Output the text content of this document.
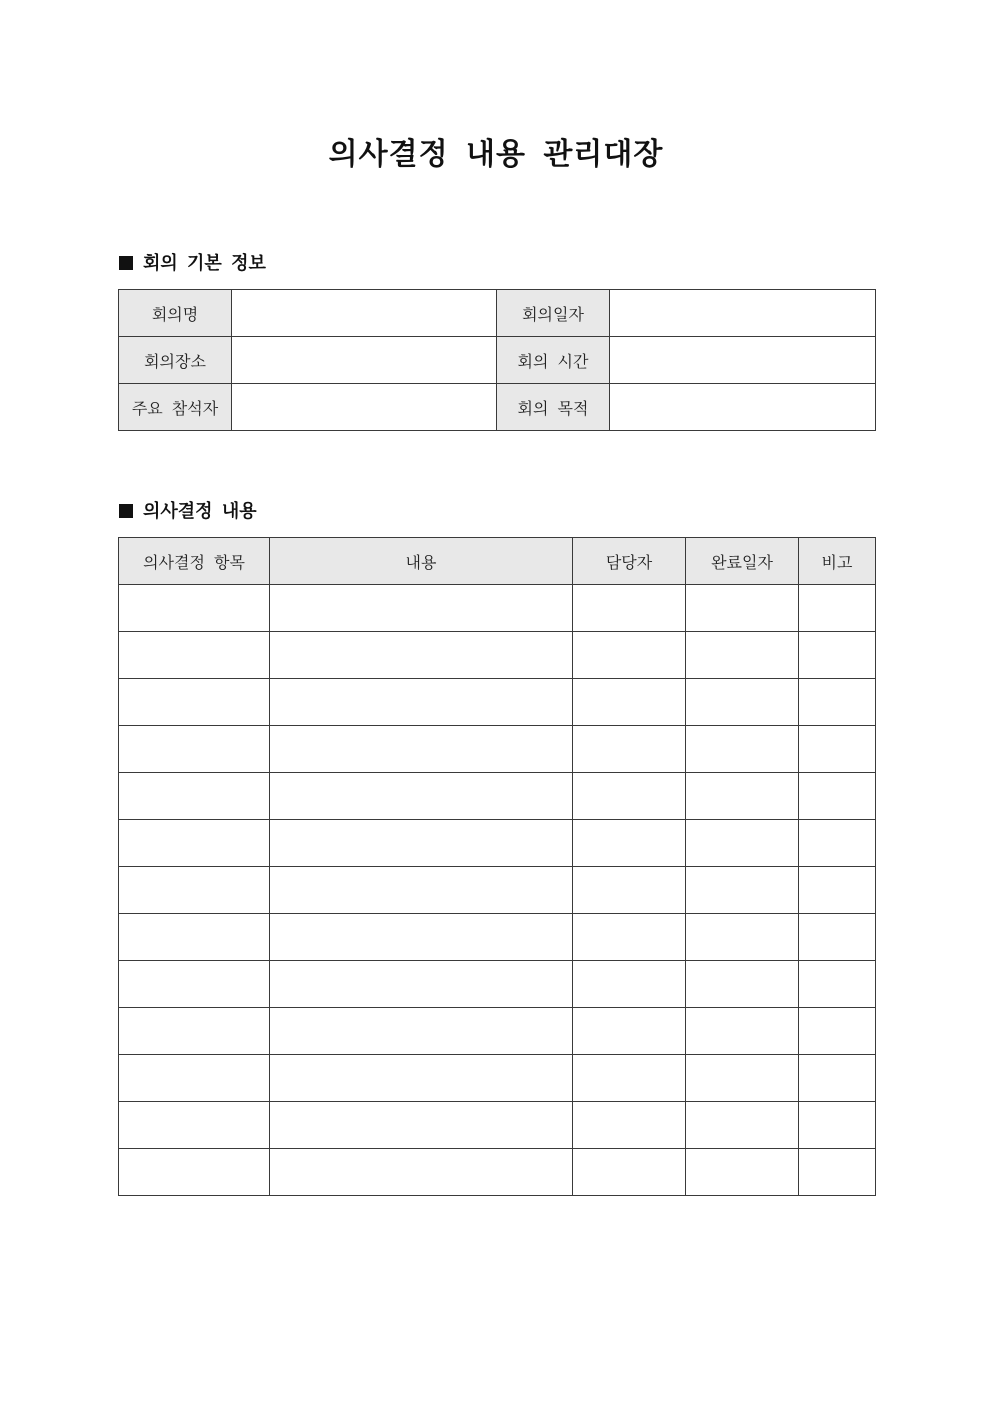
의사결정 내용 관리대장
회의 기본 정보
회의명		회의일자	
회의장소		회의 시간	
주요 참석자		회의 목적	
의사결정 내용
의사결정 항목	내용	담당자	완료일자	비고
